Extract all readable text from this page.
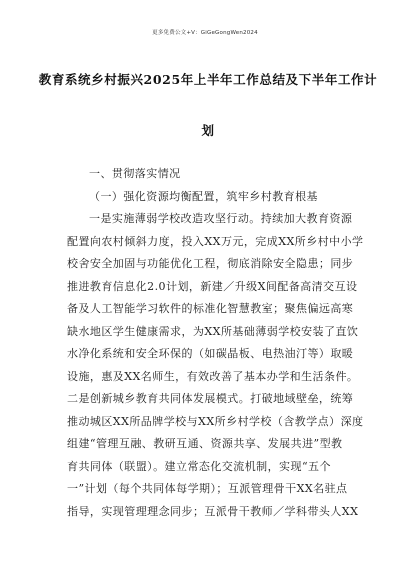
更多免费公文+V：GiGeGongWen2024
教育系统乡村振兴2025年上半年工作总结及下半年工作计
划
一、贯彻落实情况
（一）强化资源均衡配置，筑牢乡村教育根基
一是实施薄弱学校改造攻坚行动。持续加大教育资源
配置向农村倾斜力度，投入XX万元，完成XX所乡村中小学
校舍安全加固与功能优化工程，彻底消除安全隐患；同步
推进教育信息化2.0计划，新建／升级X间配备高清交互设
备及人工智能学习软件的标准化智慧教室；聚焦偏远高寒
缺水地区学生健康需求，为XX所基础薄弱学校安装了直饮
水净化系统和安全环保的（如碳晶板、电热油汀等）取暖
设施，惠及XX名师生，有效改善了基本办学和生活条件。
二是创新城乡教育共同体发展模式。打破地域壁垒，统筹
推动城区XX所品牌学校与XX所乡村学校（含教学点）深度
组建“管理互融、教研互通、资源共享、发展共进”型教
育共同体（联盟）。建立常态化交流机制，实现“五个
一”计划（每个共同体每学期）；互派管理骨干XX名驻点
指导，实现管理理念同步；互派骨干教师／学科带头人XX
